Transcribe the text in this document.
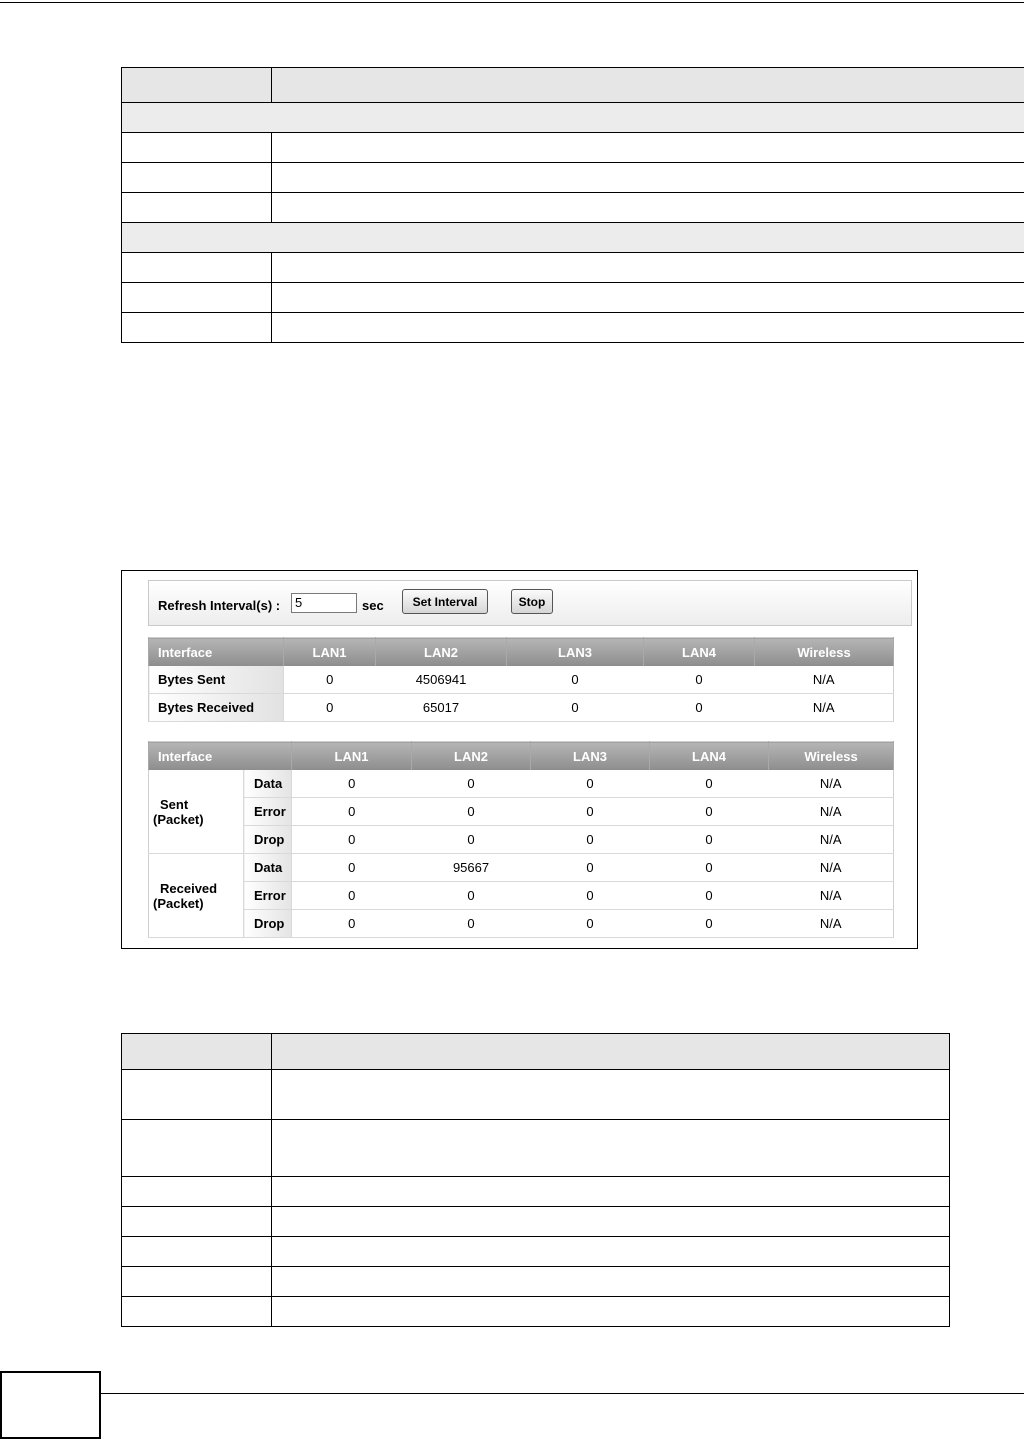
Refresh Interval(s) :	5	sec	Set Interval	Stop
Interface	LAN1	LAN2	LAN3	LAN4	Wireless
Bytes Sent	0	4506941	0	0	N/A
Bytes Received	0	65017	0	0	N/A
Interface		LAN1	LAN2	LAN3	LAN4	Wireless

Sent
(Packet)	Data	0	0	0	0	N/A
	Error	0	0	0	0	N/A
	Drop	0	0	0	0	N/A

Received
(Packet)	Data	0	95667	0	0	N/A
	Error	0	0	0	0	N/A
	Drop	0	0	0	0	N/A
